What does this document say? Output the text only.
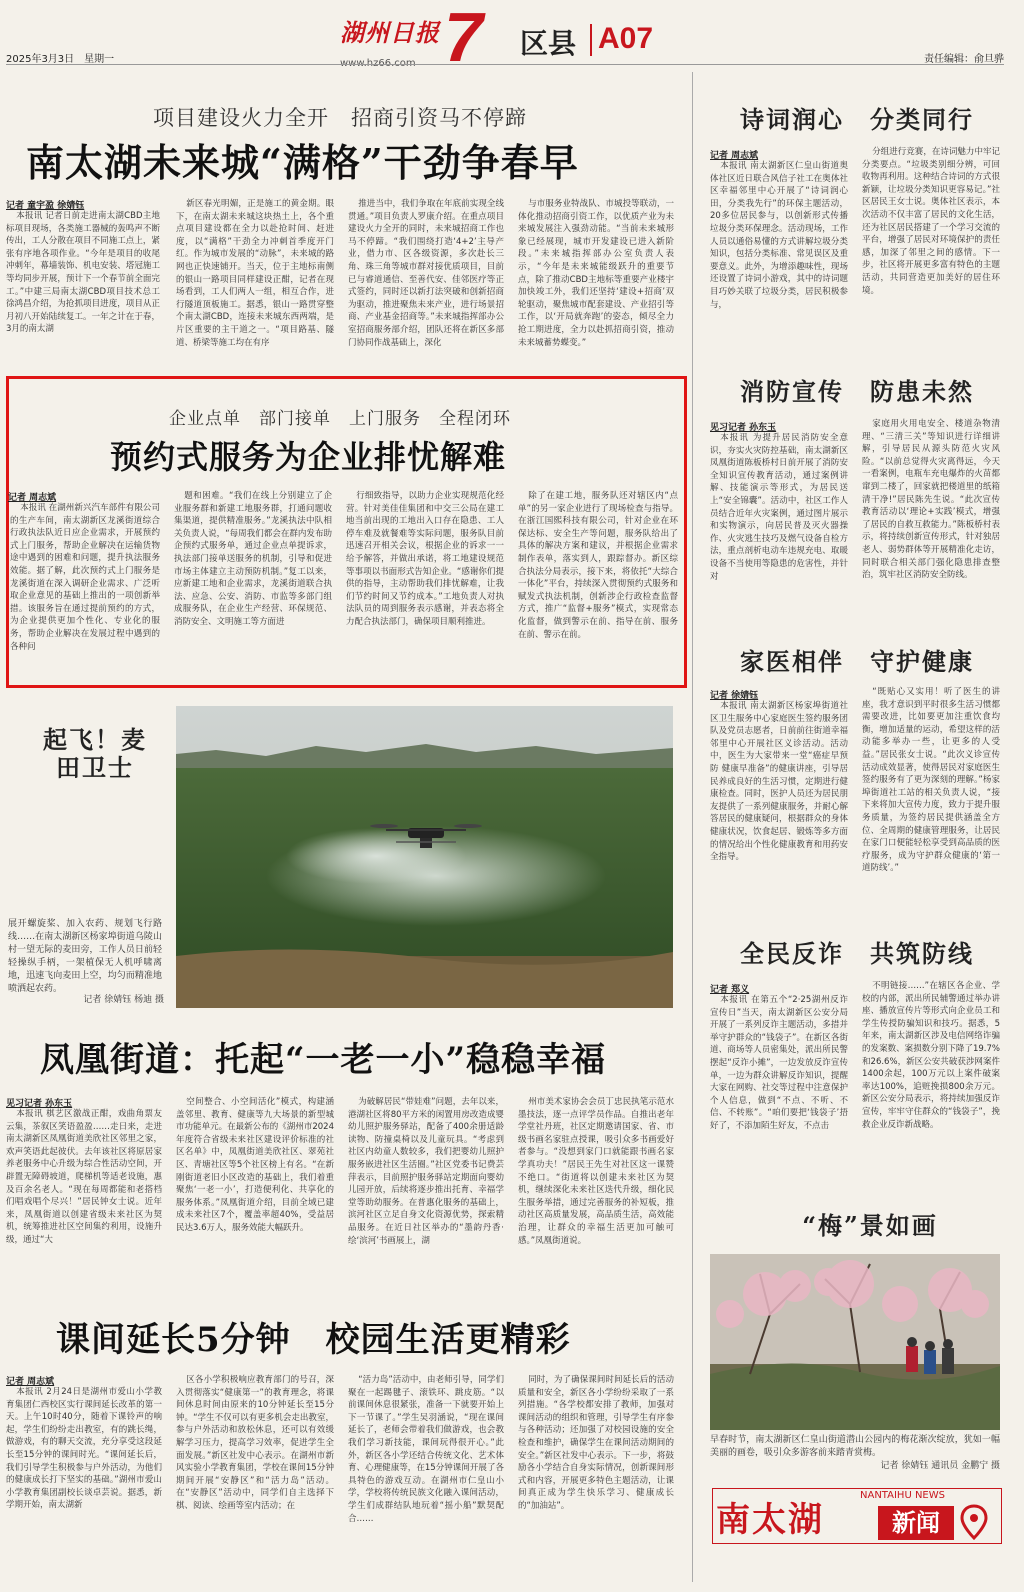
2025年3月3日　星期一
湖州日报
www.hz66.com 7	区县 A07
责任编辑：俞旦骅
项目建设火力全开　招商引资马不停蹄
南太湖未来城“满格”干劲争春早
记者 童宇盈 徐婧钰

本报讯 记者日前走进南太湖CBD主地标项目现场，各类施工器械的轰鸣声不断传出，工人分散在项目不同施工点上，紧张有序地各项作业。“今年是项目的收尾冲刺年，幕墙装饰、机电安装、塔冠施工等均同步开展，预计下一个春节前全面完工。”中建三局南太湖CBD项目技术总工徐鸿昌介绍，为抢抓项目进度，项目从正月初八开始陆续复工。一年之计在于春，3月的南太湖

新区春光明媚，正是施工的黄金期。眼下，在南太湖未来城这块热土上，各个重点项目建设都在全力以赴抢时间、赶进度，以“满格”干劲全力冲刺首季度开门红。作为城市发展的“动脉”，未来城的路网也正快速铺开。当天，位于主地标南侧的银山一路项目同样建设正酣，记者在现场看到，工人们两人一组，相互合作，进行隧道顶板施工。据悉，银山一路贯穿整个南太湖CBD，连接未来城东西两端，是片区重要的主干道之一。“项目路基、隧道、桥梁等施工均在有序

推进当中，我们争取在年底前实现全线贯通。”项目负责人罗康介绍。在重点项目建设火力全开的同时，未来城招商工作也马不停蹄。“我们围绕打造‘4+2’主导产业，借力市、区各级资源，多次赴长三角、珠三角等城市群对接优质项目，目前已与睿道通信、至善代安、佳邻医疗等正式签约，同时还以新打法突破和创新招商为驱动，推进聚焦未来产业，进行场景招商、产业基金招商等。”未来城指挥部办公室招商服务部介绍，团队还将在新区多部门协同作战基础上，深化

与市服务业特战队、市城投等联动，一体化推动招商引资工作，以优质产业为未来城发展注入强劲动能。“当前未来城形象已经展现，城市开发建设已进入新阶段。”未来城指挥部办公室负责人表示，“今年是未来城能级跃升的重要节点，除了推动CBD主地标等重要产业楼宇加快竣工外，我们还坚持‘建设+招商’双轮驱动，聚焦城市配套建设、产业招引等工作，以‘开局就奔跑’的姿态，倾尽全力抢工期进度，全力以赴抓招商引资，推动未来城蓄势蝶变。”

企业点单　部门接单　上门服务　全程闭环
预约式服务为企业排忧解难
记者 周志斌

本报讯 在湖州新兴汽车部件有限公司的生产车间，南太湖新区龙溪街道综合行政执法队近日应企业需求，开展预约式上门服务，帮助企业解决在运输货物途中遇到的困难和问题，提升执法服务效能。据了解，此次预约式上门服务是龙溪街道在深入调研企业需求、广泛听取企业意见的基础上推出的一项创新举措。该服务旨在通过提前预约的方式，为企业提供更加个性化、专业化的服务，帮助企业解决在发展过程中遇到的各种问

题和困难。“我们在线上分别建立了企业服务群和新建工地服务群，打通问题收集渠道，提供精准服务。”龙溪执法中队相关负责人说，“每周我们都会在群内发布助企预约式服务单，通过企业点单提诉求，执法部门接单送服务的机制，引导和促进市场主体建立主动预防机制。”复工以来，应新建工地和企业需求，龙溪街道联合执法、应急、公安、消防、市监等多部门组成服务队，在企业生产经营、环保规范、消防安全、文明施工等方面进

行细致指导，以助力企业实现规范化经营。针对美佳佳集团和中交三公局在建工地当前出现的工地出入口存在隐患、工人停车难及就餐难等实际问题，服务队目前迅速召开相关会议，根据企业的诉求一一给予解答，并做出承诺，将工地建设规范等事项以书面形式告知企业。“感谢你们提供的指导，主动帮助我们排忧解难，让我们节约时间又节约成本。”工地负责人对执法队员的周到服务表示感谢，并表态将全力配合执法部门，确保项目顺利推进。

除了在建工地，服务队还对辖区内“点单”的另一家企业进行了现场检查与指导。在浙江国熙科技有限公司，针对企业在环保达标、安全生产等问题，服务队给出了具体的解决方案和建议，并根据企业需求制作表单，落实到人，跟踪督办。新区综合执法分局表示，接下来，将依托“大综合一体化”平台，持续深入贯彻预约式服务和赋发式执法机制，创新涉企行政检查监督方式，推广“监督+服务”模式，实现常态化监督，做到警示在前、指导在前、服务在前、警示在前。

起飞！麦田卫士
展开螺旋桨、加入农药、规划飞行路线……在南太湖新区杨家埠街道乌陵山村一望无际的麦田旁，工作人员日前轻轻操纵手柄，一架植保无人机呼啸离地，迅速飞向麦田上空，均匀而精准地喷洒起农药。
记者 徐婧钰 杨迪 摄
凤凰街道：托起“一老一小”稳稳幸福
见习记者 孙东玉

本报讯 棋艺区激战正酣，戏曲角票友云集，茶叙区笑语盈盈……走日来，走进南太湖新区凤凰街道美欣社区邻里之家，欢声笑语此起彼伏。去年该社区将原居家养老服务中心升级为综合性活动空间，开辟置无障碍坡道，爬梯机等适老设施，惠及百余名老人。“现在每周都能和老搭档们唱戏唱个尽兴！”居民钟女士说。近年来，凤凰街道以创建省级未来社区为契机，统筹推进社区空间集约利用，设施升级，通过“大

空间整合、小空间活化”模式，构建涵盖邻里、教育、健康等九大场景的新型城市功能单元。在最新公布的《湖州市2024年度符合省级未来社区建设评价标准的社区名单》中，凤凰街道美欣社区、翠苑社区、青塘社区等5个社区榜上有名。“在新刚街道老旧小区改造的基础上，我们着重聚焦‘一老一小’，打造便利化、共享化的服务体系。”凤凰街道介绍，目前全域已建成未来社区7个，覆盖率超40%，受益居民达3.6万人，服务效能大幅跃升。

为破解居民“带娃难”问题，去年以来，港湖社区将80平方米的闲置用房改造成婴幼儿照护服务驿站，配备了400余册适龄读物、防撞桌椅以及儿童玩具。“考虑到社区内幼童人数较多，我们把婴幼儿照护服务嵌进社区生活圈。”社区党委书记费芸萍表示，目前照护服务驿站定期面向婴幼儿园开放，后续将逐步推出托育、幸福学堂等助幼服务。在普惠化服务的基础上，滨河社区立足自身文化资源优势，探索精品服务。在近日社区举办的“墨韵丹香·绘‘滨河’书画展上，湖

州市美术家协会会员丁忠民执笔示范水墨技法，逐一点评学员作品。自推出老年学堂社丹班，社区定期邀请国家、省、市级书画名家驻点授课，吸引众多书画爱好者参与。“没想到家门口就能跟书画名家学真功夫！”居民王先生对社区这一课赞不绝口。“街道将以创建未来社区为契机，继续深化未来社区迭代升级，细化民生服务举措，通过完善服务的补短板，推动社区高质量发展，高品质生活，高效能治理，让群众的幸福生活更加可触可感。”凤凰街道说。

课间延长5分钟　校园生活更精彩
记者 周志斌

本报讯 2月24日是湖州市爱山小学教育集团仁西校区实行课间延长改革的第一天。上午10时40分，随着下课铃声的响起，学生们纷纷走出教室，有的跳长绳，做游戏，有的聊天交流，充分享受这段延长至15分钟的课间时光。“课间延长后，我们引导学生积极参与户外活动，为他们的健康成长打下坚实的基础。”湖州市爱山小学教育集团副校长谈卓芸说。据悉，新学期开始，南太湖新

区各小学积极响应教育部门的号召，深入贯彻落实“健康第一”的教育理念，将课间休息时间由原来的10分钟延长至15分钟。“学生不仅可以有更多机会走出教室，参与户外活动和放松休息，还可以有效缓解学习压力，提高学习效率，促进学生全面发展。”新区社发中心表示。在湖州市新风实验小学教育集团，学校在课间15分钟期间开展“安静区”和“活力岛”活动。在“安静区”活动中，同学们自主选择下棋、阅读、绘画等室内活动；在

“活力岛”活动中，由老师引导，同学们聚在一起踢毽子、滚铁环、跳皮筋。“以前课间休息很紧张，准备一下就要开始上下一节课了。”学生吴羽涵说，“现在课间延长了，老师会带着我们做游戏，也会教我们学习新技能，课间玩得很开心。”此外，新区各小学还结合传统文化、艺术体育、心理健康等，在15分钟课间开展了各具特色的游戏互动。在湖州市仁皇山小学，学校将传统民族文化融入课间活动，学生们成群结队地玩着“摇小船”默契配合……

同时，为了确保课间时间延长后的活动质量和安全，新区各小学纷纷采取了一系列措施。“各学校都安排了教师，加强对课间活动的组织和管理，引导学生有序参与各种活动；还加强了对校园设施的安全检查和维护，确保学生在课间活动期间的安全。”新区社发中心表示。下一步，将鼓励各小学结合自身实际情况，创新课间形式和内容，开展更多特色主题活动，让课间真正成为学生快乐学习、健康成长的“加油站”。

诗词润心　分类同行
记者 周志斌

本报讯 南太湖新区仁皇山街道奥体社区近日联合风信子社工在奥体社区幸福邻里中心开展了“诗词润心田，分类我先行”的环保主题活动，20多位居民参与，以创新形式传播垃圾分类环保理念。活动现场，工作人员以通俗易懂的方式讲解垃圾分类知识，包括分类标准、常见误区及重要意义。此外，为增添趣味性，现场还设置了诗词小游戏，其中的诗词题目巧妙关联了垃圾分类，居民积极参与，

分组进行竞赛，在诗词魅力中牢记分类要点。“垃圾类别细分辨，可回收物再利用。这种结合诗词的方式很新颖，让垃圾分类知识更容易记。”社区居民王女士说。奥体社区表示，本次活动不仅丰富了居民的文化生活，还为社区居民搭建了一个学习交流的平台，增强了居民对环境保护的责任感，加深了邻里之间的感情。下一步，社区将开展更多富有特色的主题活动，共同营造更加美好的居住环境。

消防宣传　防患未然
见习记者 孙东玉

本报讯 为提升居民消防安全意识，夯实火灾防控基础，南太湖新区凤凰街道陈板桥村日前开展了消防安全知识宣传教育活动，通过案例讲解、技能演示等形式，为居民送上“安全锦囊”。活动中，社区工作人员结合近年火灾案例，通过图片展示和实物演示，向居民普及灭火器操作、火灾逃生技巧及燃气设备自检方法，重点剖析电动车违规充电、取暖设备不当使用等隐患的危害性，并针对

家庭用火用电安全、楼道杂物清理、“三清三关”等知识进行详细讲解，引导居民从源头防范火灾风险。“以前总觉得火灾离得远，今天一看案例，电瓶车充电爆炸的火苗都窜到二楼了，回家就把楼道里的纸箱清干净!”居民陈先生说。“此次宣传教育活动以‘理论+实践’模式，增强了居民的自救互救能力。”陈板桥村表示，将持续创新宣传形式，针对独居老人、弱势群体等开展精准化走访，同时联合相关部门强化隐患排查整治，筑牢社区消防安全防线。

家医相伴　守护健康
记者 徐婧钰

本报讯 南太湖新区杨家埠街道社区卫生服务中心家庭医生签约服务团队及党员志愿者，日前前往街道幸福邻里中心开展社区义诊活动。活动中，医生为大家带来一堂“癌症早预防 健康早准备”的健康讲座，引导居民养成良好的生活习惯，定期进行健康检查。同时，医护人员还为居民朋友提供了一系列健康服务，并耐心解答居民的健康疑问，根据群众的身体健康状况，饮食起居、锻炼等多方面的情况给出个性化健康教育和用药安全指导。

“既贴心又实用！听了医生的讲座，我才意识到平时很多生活习惯都需要改进，比如要更加注重饮食均衡，增加适量的运动，希望这样的活动能多举办一些，让更多的人受益。”居民张女士说。“此次义诊宣传活动成效显著，使得居民对家庭医生签约服务有了更为深刻的理解。”杨家埠街道社工站的相关负责人说，“接下来将加大宣传力度，致力于提升服务质量，为签约居民提供涵盖全方位、全周期的健康管理服务，让居民在家门口便能轻松享受到高品质的医疗服务，成为守护群众健康的‘第一道防线’。”

全民反诈　共筑防线
记者 郑义

本报讯 在第五个“2·25湖州反诈宣传日”当天，南太湖新区公安分局开展了一系列反诈主题活动，多措并举守护群众的“钱袋子”。在新区各街道、商场等人员密集处，派出所民警摆起“反诈小摊”，一边发放反诈宣传单，一边为群众讲解反诈知识，提醒大家在网购、社交等过程中注意保护个人信息，做到“不点、不听、不信、不转账”。“咱们要把‘钱袋子’捂好了，不添加陌生好友，不点击

不明链接……”在辖区各企业、学校的内部，派出所民辅警通过举办讲座、播放宣传片等形式向企业员工和学生传授防骗知识和技巧。据悉，5年来，南太湖新区涉及电信网络诈骗的发案数、案损数分别下降了19.7%和26.6%，新区公安共破获涉网案件1400余起，100万元以上案件破案率达100%，追赃挽损800余万元。新区公安分局表示，将持续加强反诈宣传，牢牢守住群众的“钱袋子”，挽救企业反诈新战略。

“梅”景如画
早春时节，南太湖新区仁皇山街道潜山公园内的梅花渐次绽放，犹如一幅美丽的画卷，吸引众多游客前来踏青赏梅。
记者 徐婧钰 通讯员 金鹏宁 摄
南太湖
NANTAIHU NEWS
新闻
